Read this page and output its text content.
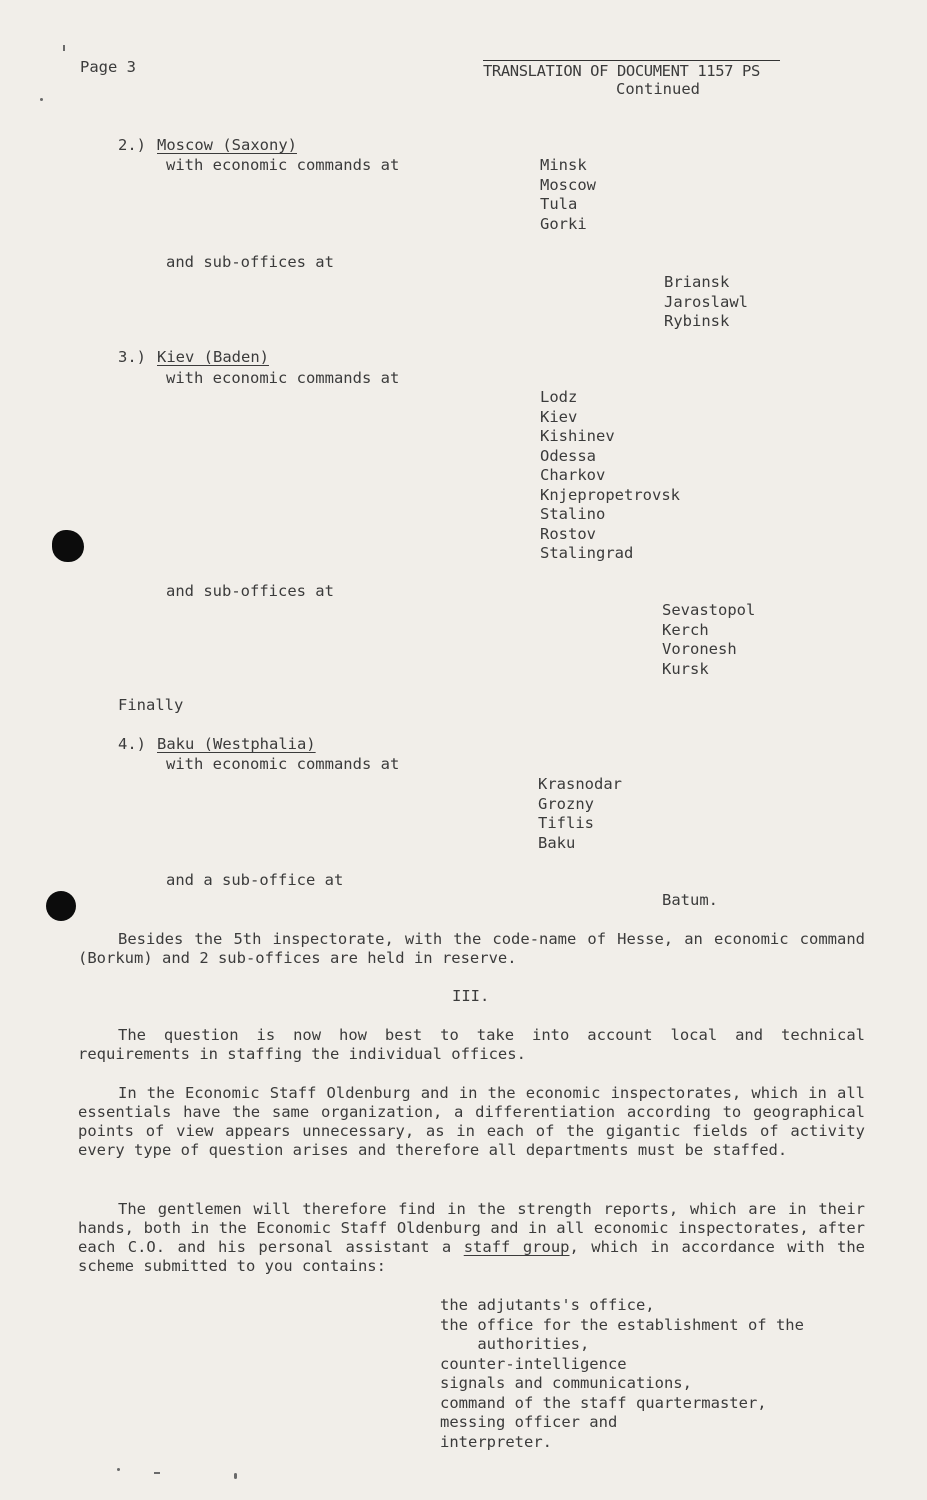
Page 3	TRANSLATION OF DOCUMENT 1157 PS
Continued
2.) Moscow (Saxony)
with economic commands at	Minsk
Moscow
Tula
Gorki
and sub-offices at
Briansk
Jaroslawl
Rybinsk
3.) Kiev (Baden)
with economic commands at
Lodz
Kiev
Kishinev
Odessa
Charkov
Knjepropetrovsk
Stalino
Rostov
Stalingrad
and sub-offices at
Sevastopol
Kerch
Voronesh
Kursk
Finally
4.) Baku (Westphalia)
with economic commands at
Krasnodar
Grozny
Tiflis
Baku
and a sub-office at
Batum.

Besides the 5th inspectorate, with the code-name of Hesse, an economic command (Borkum) and 2 sub-offices are held in reserve.

III.

The question is now how best to take into account local and technical requirements in staffing the individual offices.

In the Economic Staff Oldenburg and in the economic inspectorates, which in all essentials have the same organization, a differentiation according to geographical points of view appears unnecessary, as in each of the gigantic fields of activity every type of question arises and therefore all departments must be staffed.

The gentlemen will therefore find in the strength reports, which are in their hands, both in the Economic Staff Oldenburg and in all economic inspectorates, after each C.O. and his personal assistant a staff group, which in accordance with the scheme submitted to you contains:

the adjutants's office,
the office for the establishment of the
authorities,
counter-intelligence
signals and communications,
command of the staff quartermaster,
messing officer and
interpreter.
